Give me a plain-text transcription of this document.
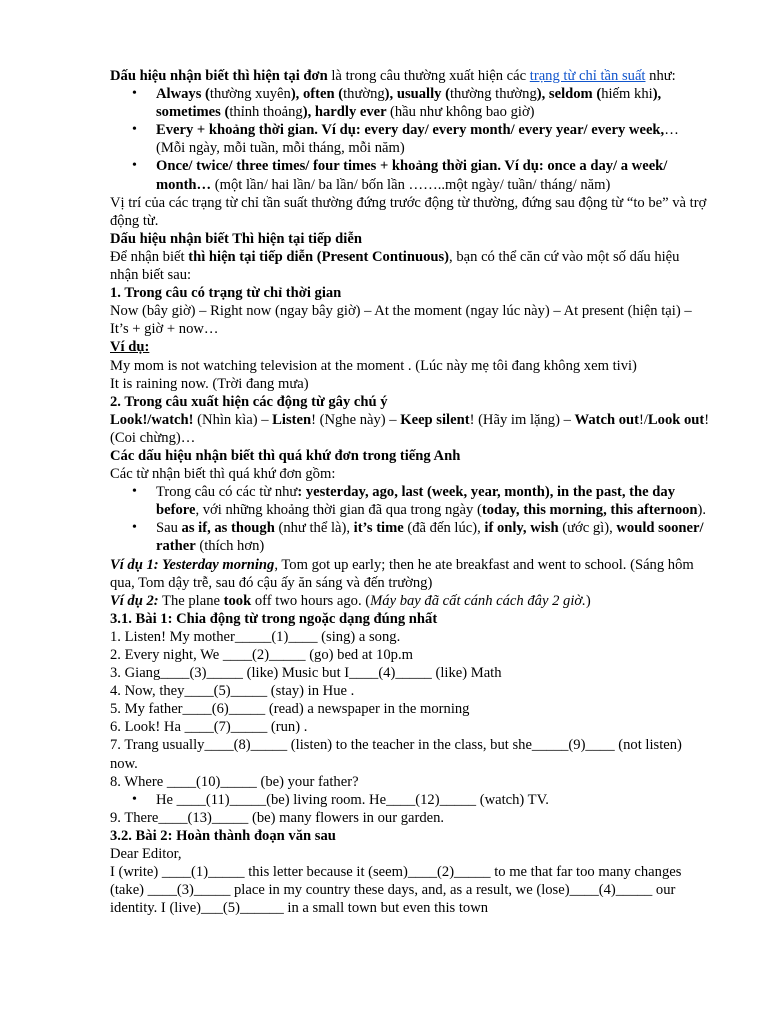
Dấu hiệu nhận biết thì hiện tại đơn là trong câu thường xuất hiện các trạng từ chỉ tần suất như:

• Always (thường xuyên), often (thường), usually (thường thường), seldom (hiếm khi), sometimes (thỉnh thoảng), hardly ever (hầu như không bao giờ)
• Every + khoảng thời gian. Ví dụ: every day/ every month/ every year/ every week,… (Mỗi ngày, mỗi tuần, mỗi tháng, mỗi năm)
• Once/ twice/ three times/ four times + khoảng thời gian. Ví dụ: once a day/ a week/ month… (một lần/ hai lần/ ba lần/ bốn lần ……..một ngày/ tuần/ tháng/ năm)

Vị trí của các trạng từ chỉ tần suất thường đứng trước động từ thường, đứng sau động từ “to be” và trợ động từ.

Dấu hiệu nhận biết Thì hiện tại tiếp diễn

Để nhận biết thì hiện tại tiếp diễn (Present Continuous), bạn có thể căn cứ vào một số dấu hiệu nhận biết sau:

1. Trong câu có trạng từ chỉ thời gian

Now (bây giờ) – Right now (ngay bây giờ) – At the moment (ngay lúc này) – At present (hiện tại) – It’s + giờ + now…

Ví dụ:

My mom is not watching television at the moment . (Lúc này mẹ tôi đang không xem tivi)

It is raining now. (Trời đang mưa)

2. Trong câu xuất hiện các động từ gây chú ý

Look!/watch! (Nhìn kìa) – Listen! (Nghe này) – Keep silent! (Hãy im lặng) – Watch out!/Look out! (Coi chừng)…

Các dấu hiệu nhận biết thì quá khứ đơn trong tiếng Anh

Các từ nhận biết thì quá khứ đơn gồm:

• Trong câu có các từ như: yesterday, ago, last (week, year, month), in the past, the day before, với những khoảng thời gian đã qua trong ngày (today, this morning, this afternoon).
• Sau as if, as though (như thể là), it’s time (đã đến lúc), if only, wish (ước gì), would sooner/ rather (thích hơn)

Ví dụ 1: Yesterday morning, Tom got up early; then he ate breakfast and went to school. (Sáng hôm qua, Tom dậy trễ, sau đó cậu ấy ăn sáng và đến trường)

Ví dụ 2: The plane took off two hours ago. (Máy bay đã cất cánh cách đây 2 giờ.)

3.1. Bài 1: Chia động từ trong ngoặc dạng đúng nhất

1. Listen! My mother_____(1)____ (sing) a song.

2. Every night, We ____(2)_____ (go) bed at 10p.m

3. Giang____(3)_____ (like) Music but I____(4)_____ (like) Math

4. Now, they____(5)_____ (stay) in Hue .

5. My father____(6)_____ (read) a newspaper in the morning

6. Look! Ha ____(7)_____ (run) .

7. Trang usually____(8)_____ (listen) to the teacher in the class, but she_____(9)____ (not listen) now.

8. Where ____(10)_____ (be) your father?

• He ____(11)_____(be) living room. He____(12)_____ (watch) TV.

9. There____(13)_____ (be) many flowers in our garden.

3.2. Bài 2: Hoàn thành đoạn văn sau

Dear Editor,

I (write) ____(1)_____ this letter because it (seem)____(2)_____ to me that far too many changes (take) ____(3)_____ place in my country these days, and, as a result, we (lose)____(4)_____ our identity. I (live)___(5)______ in a small town but even this town
